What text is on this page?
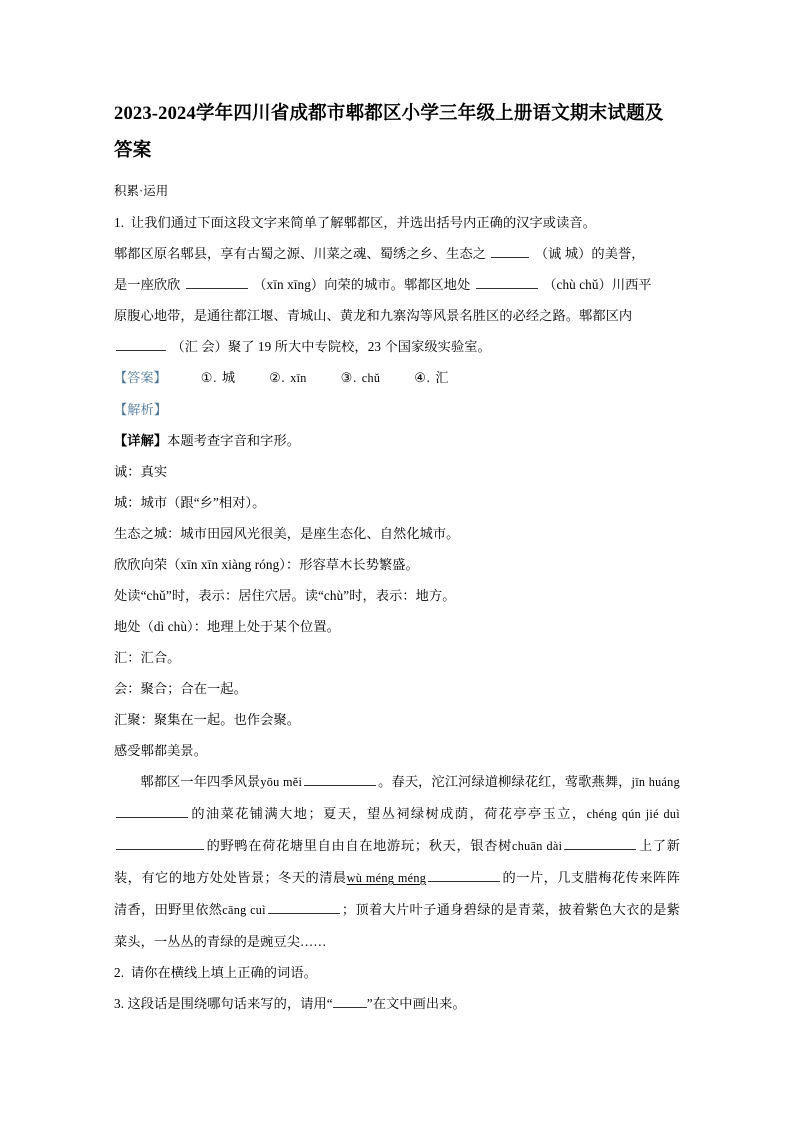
2023-2024学年四川省成都市郫都区小学三年级上册语文期末试题及答案

积累·运用

1. 让我们通过下面这段文字来简单了解郫都区，并选出括号内正确的汉字或读音。

郫都区原名郫县，享有古蜀之源、川菜之魂、蜀绣之乡、生态之	（诚 城）的美誉，

是一座欣欣	（xīn xīng）向荣的城市。郫都区地处	（chù chǔ）川西平

原腹心地带，是通往都江堰、青城山、黄龙和九寨沟等风景名胜区的必经之路。郫都区内

（汇 会）聚了 19 所大中专院校，23 个国家级实验室。

【答案】	①. 城	②. xīn	③. chǔ	④. 汇

【解析】

【详解】本题考查字音和字形。

诚：真实

城：城市（跟“乡”相对）。

生态之城：城市田园风光很美，是座生态化、自然化城市。

欣欣向荣（xīn xīn xiàng róng）：形容草木长势繁盛。

处读“chǔ”时，表示：居住穴居。读“chù”时，表示：地方。

地处（dì chù）：地理上处于某个位置。

汇：汇合。

会：聚合；合在一起。

汇聚：聚集在一起。也作会聚。

感受郫都美景。

郫都区一年四季风景yōu měi	。春天，沱江河绿道柳绿花红，莺歌燕舞，jīn huáng的油菜花铺满大地；夏天，望丛祠绿树成荫，荷花亭亭玉立，chéng qún jié duì的野鸭在荷花塘里自由自在地游玩；秋天，银杏树chuān dài	上了新装，有它的地方处处皆景；冬天的清晨wù méng méng	的一片，几支腊梅花传来阵阵清香，田野里依然cāng cuì	；顶着大片叶子通身碧绿的是青菜，披着紫色大衣的是紫菜头，一丛丛的青绿的是豌豆尖……

2. 请你在横线上填上正确的词语。

3. 这段话是围绕哪句话来写的，请用“	”在文中画出来。
